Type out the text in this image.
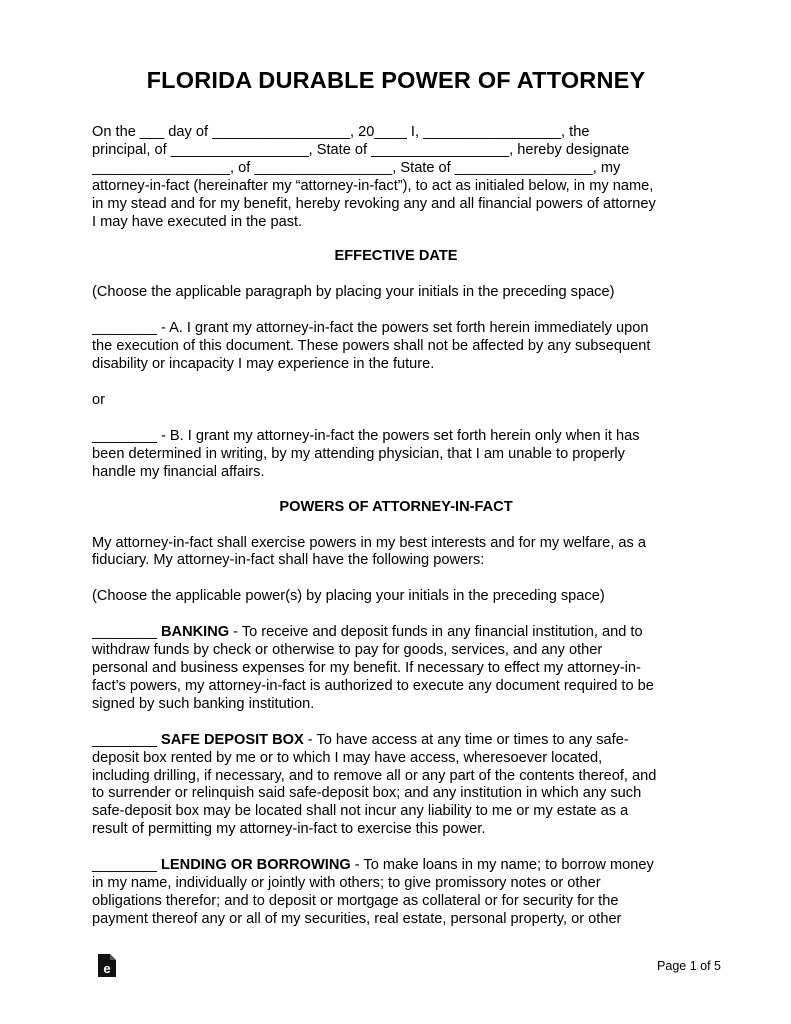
FLORIDA DURABLE POWER OF ATTORNEY
On the ___ day of _________________, 20____ I, _________________, the
principal, of _________________, State of _________________, hereby designate
_________________, of _________________, State of _________________, my
attorney-in-fact (hereinafter my “attorney-in-fact”), to act as initialed below, in my name,
in my stead and for my benefit, hereby revoking any and all financial powers of attorney
I may have executed in the past.
EFFECTIVE DATE
(Choose the applicable paragraph by placing your initials in the preceding space)
________ - A. I grant my attorney-in-fact the powers set forth herein immediately upon
the execution of this document. These powers shall not be affected by any subsequent
disability or incapacity I may experience in the future.
or
________ - B. I grant my attorney-in-fact the powers set forth herein only when it has
been determined in writing, by my attending physician, that I am unable to properly
handle my financial affairs.
POWERS OF ATTORNEY-IN-FACT
My attorney-in-fact shall exercise powers in my best interests and for my welfare, as a
fiduciary. My attorney-in-fact shall have the following powers:
(Choose the applicable power(s) by placing your initials in the preceding space)
________ BANKING - To receive and deposit funds in any financial institution, and to
withdraw funds by check or otherwise to pay for goods, services, and any other
personal and business expenses for my benefit. If necessary to effect my attorney-in-
fact’s powers, my attorney-in-fact is authorized to execute any document required to be
signed by such banking institution.
________ SAFE DEPOSIT BOX - To have access at any time or times to any safe-
deposit box rented by me or to which I may have access, wheresoever located,
including drilling, if necessary, and to remove all or any part of the contents thereof, and
to surrender or relinquish said safe-deposit box; and any institution in which any such
safe-deposit box may be located shall not incur any liability to me or my estate as a
result of permitting my attorney-in-fact to exercise this power.
________ LENDING OR BORROWING - To make loans in my name; to borrow money
in my name, individually or jointly with others; to give promissory notes or other
obligations therefor; and to deposit or mortgage as collateral or for security for the
payment thereof any or all of my securities, real estate, personal property, or other
e	Page 1 of 5
